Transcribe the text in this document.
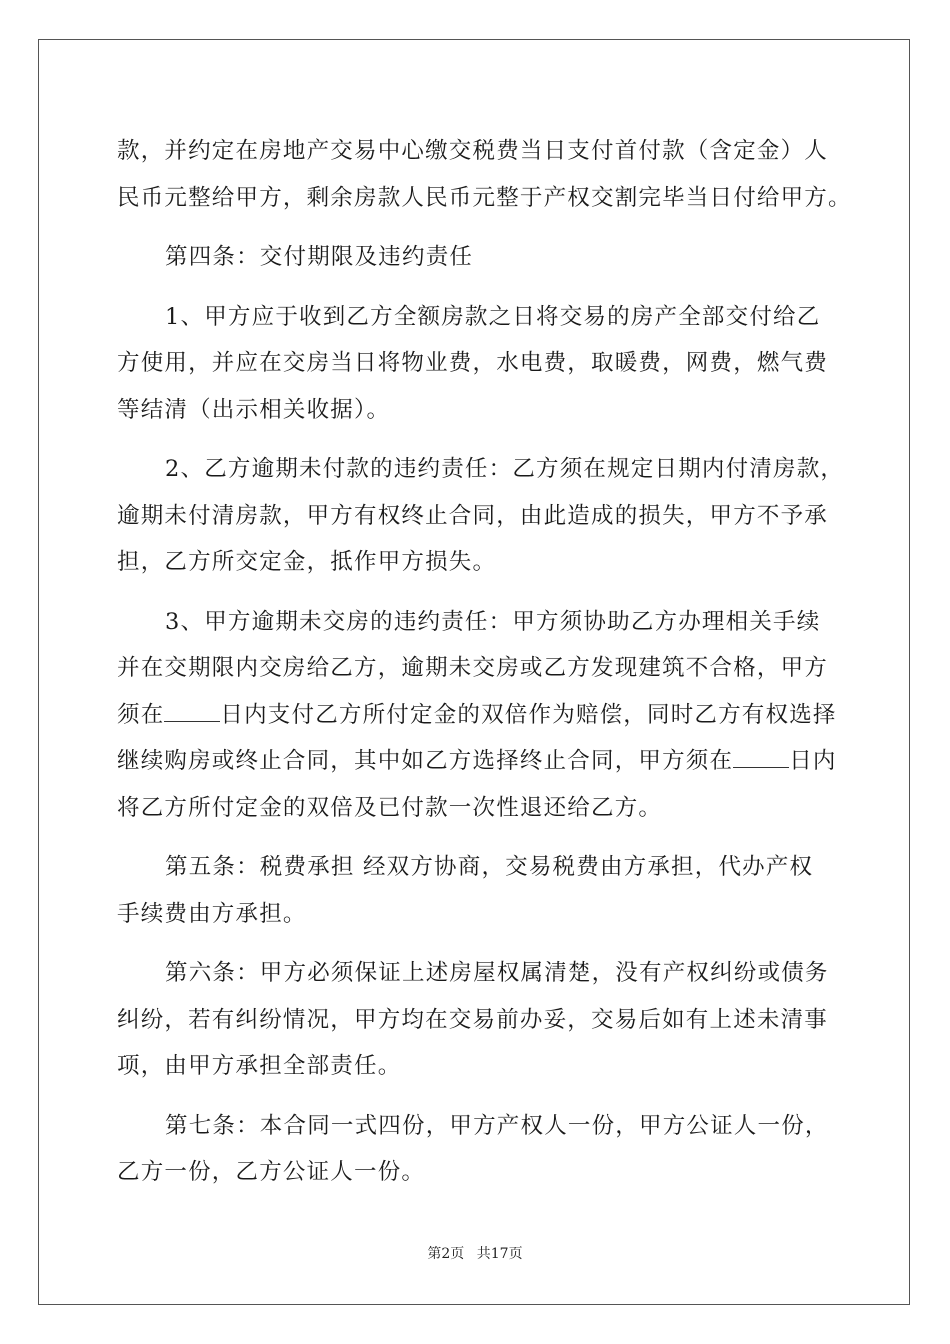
款，并约定在房地产交易中心缴交税费当日支付首付款（含定金）人
民币元整给甲方，剩余房款人民币元整于产权交割完毕当日付给甲方。

第四条：交付期限及违约责任

1、甲方应于收到乙方全额房款之日将交易的房产全部交付给乙
方使用，并应在交房当日将物业费，水电费，取暖费，网费，燃气费
等结清（出示相关收据）。

2、乙方逾期未付款的违约责任：乙方须在规定日期内付清房款，
逾期未付清房款，甲方有权终止合同，由此造成的损失，甲方不予承
担，乙方所交定金，抵作甲方损失。

3、甲方逾期未交房的违约责任：甲方须协助乙方办理相关手续
并在交期限内交房给乙方，逾期未交房或乙方发现建筑不合格，甲方
须在 日内支付乙方所付定金的双倍作为赔偿，同时乙方有权选择
继续购房或终止合同，其中如乙方选择终止合同，甲方须在 日内
将乙方所付定金的双倍及已付款一次性退还给乙方。

第五条：税费承担 经双方协商，交易税费由方承担，代办产权
手续费由方承担。

第六条：甲方必须保证上述房屋权属清楚，没有产权纠纷或债务
纠纷，若有纠纷情况，甲方均在交易前办妥，交易后如有上述未清事
项，由甲方承担全部责任。

第七条：本合同一式四份，甲方产权人一份，甲方公证人一份，
乙方一份，乙方公证人一份。

第2页 共17页
